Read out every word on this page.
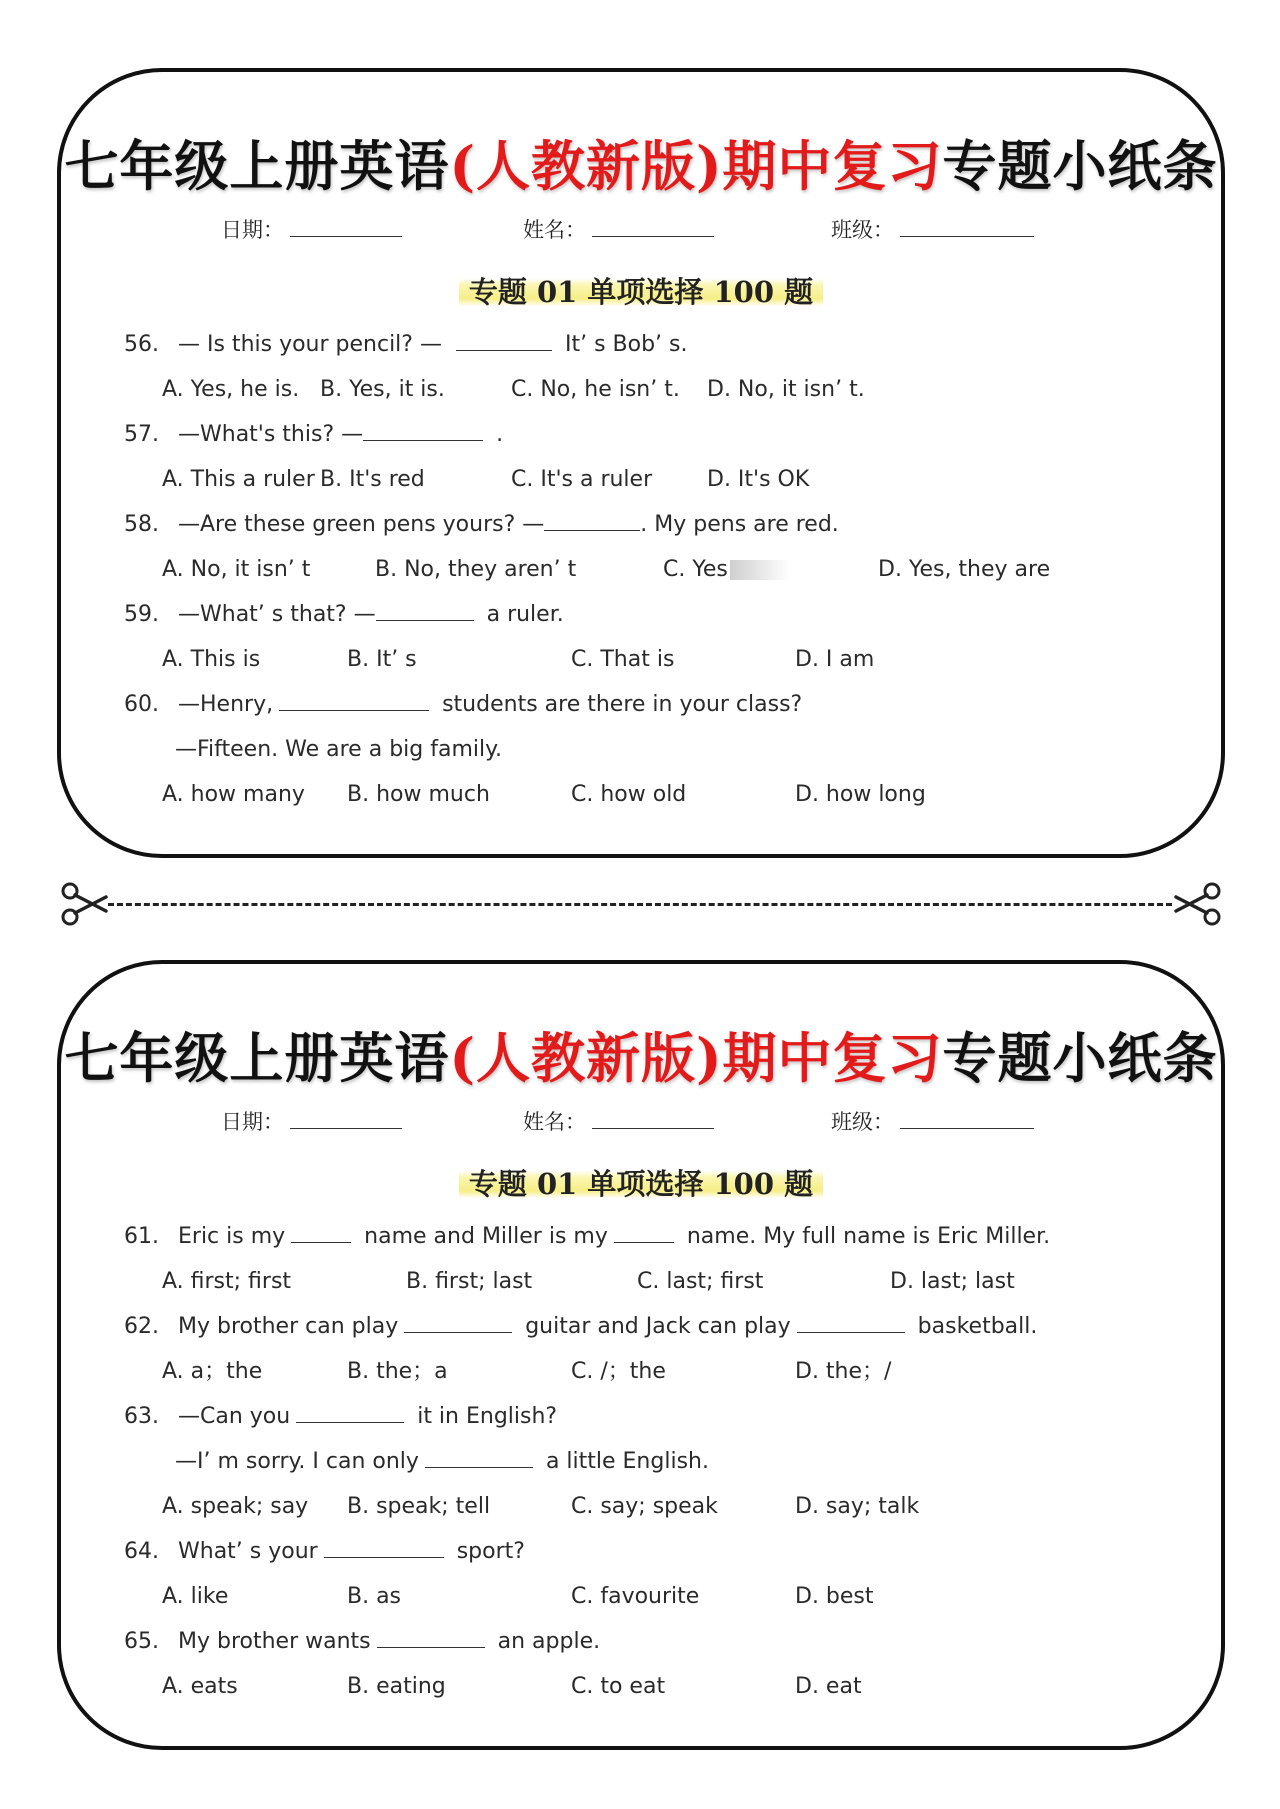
七年级上册英语(人教新版)期中复习专题小纸条
日期：	姓名：	班级：
专题 01 单项选择 100 题
56. — Is this your pencil? —	It’ s Bob’ s.
A. Yes, he is. B. Yes, it is.	C. No, he isn’ t. D. No, it isn’ t.
57. —What's this? —	.
A. This a ruler B. It's red	C. It's a ruler D. It's OK
58. —Are these green pens yours? —	. My pens are red.
A. No, it isn’ t	B. No, they aren’ t	C. Yes	D. Yes, they are
59. —What’ s that? —	a ruler.
A. This is	B. It’ s	C. That is	D. I am
60. —Henry,	students are there in your class?
—Fifteen. We are a big family.
A. how many B. how much	C. how old	D. how long
七年级上册英语(人教新版)期中复习专题小纸条
日期：	姓名：	班级：
专题 01 单项选择 100 题
61. Eric is my	name and Miller is my	name. My full name is Eric Miller.
A. first; first	B. first; last	C. last; first	D. last; last
62. My brother can play	guitar and Jack can play	basketball.
A. a；the	B. the；a	C. /；the	D. the；/
63. —Can you	it in English?
—I’ m sorry. I can only	a little English.
A. speak; say B. speak; tell	C. say; speak	D. say; talk
64. What’ s your	sport?
A. like	B. as	C. favourite	D. best
65. My brother wants	an apple.
A. eats	B. eating	C. to eat	D. eat
